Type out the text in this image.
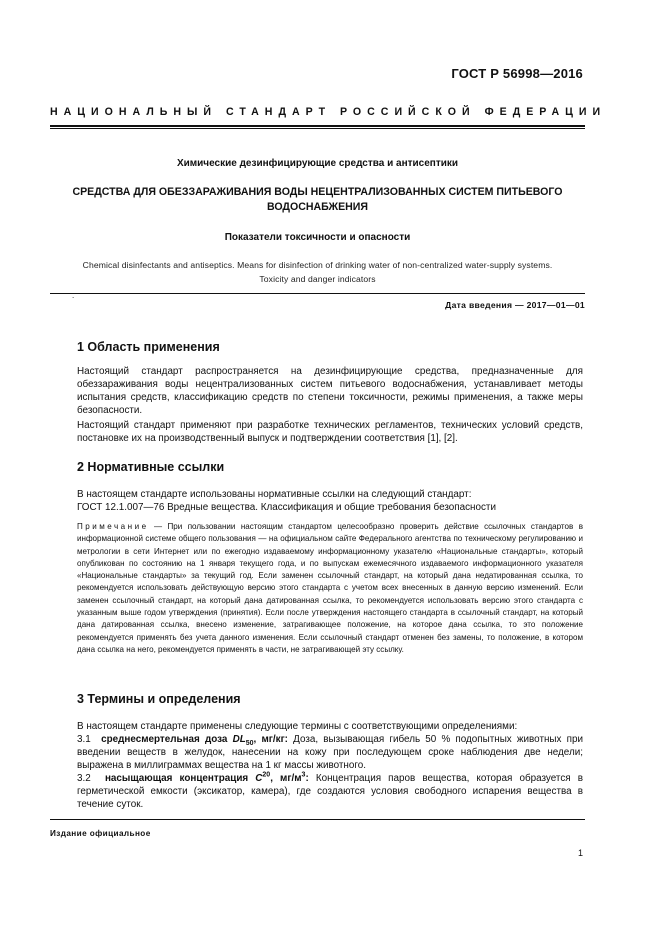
ГОСТ Р 56998—2016
НАЦИОНАЛЬНЫЙ СТАНДАРТ РОССИЙСКОЙ ФЕДЕРАЦИИ
Химические дезинфицирующие средства и антисептики
СРЕДСТВА ДЛЯ ОБЕЗЗАРАЖИВАНИЯ ВОДЫ НЕЦЕНТРАЛИЗОВАННЫХ СИСТЕМ ПИТЬЕВОГО ВОДОСНАБЖЕНИЯ
Показатели токсичности и опасности
Chemical disinfectants and antiseptics. Means for disinfection of drinking water of non-centralized water-supply systems.
Toxicity and danger indicators
.
Дата введения — 2017—01—01
1 Область применения

Настоящий стандарт распространяется на дезинфицирующие средства, предназначенные для обеззараживания воды нецентрализованных систем питьевого водоснабжения, устанавливает методы испытания средств, классификацию средств по степени токсичности, режимы применения, а также меры безопасности.

Настоящий стандарт применяют при разработке технических регламентов, технических условий средств, постановке их на производственный выпуск и подтверждении соответствия [1], [2].

2 Нормативные ссылки

В настоящем стандарте использованы нормативные ссылки на следующий стандарт:

ГОСТ 12.1.007—76 Вредные вещества. Классификация и общие требования безопасности

Примечание — При пользовании настоящим стандартом целесообразно проверить действие ссылочных стандартов в информационной системе общего пользования — на официальном сайте Федерального агентства по техническому регулированию и метрологии в сети Интернет или по ежегодно издаваемому информационному указателю «Национальные стандарты», который опубликован по состоянию на 1 января текущего года, и по выпускам ежемесячного издаваемого информационного указателя «Национальные стандарты» за текущий год. Если заменен ссылочный стандарт, на который дана недатированная ссылка, то рекомендуется использовать действующую версию этого стандарта с учетом всех внесенных в данную версию изменений. Если заменен ссылочный стандарт, на который дана датированная ссылка, то рекомендуется использовать версию этого стандарта с указанным выше годом утверждения (принятия). Если после утверждения настоящего стандарта в ссылочный стандарт, на который дана датированная ссылка, внесено изменение, затрагивающее положение, на которое дана ссылка, то это положение рекомендуется применять без учета данного изменения. Если ссылочный стандарт отменен без замены, то положение, в котором дана ссылка на него, рекомендуется применять в части, не затрагивающей эту ссылку.
3 Термины и определения

В настоящем стандарте применены следующие термины с соответствующими определениями:

3.1 среднесмертельная доза $DL_{50}$, мг/кг: Доза, вызывающая гибель 50 % подопытных животных при введении веществ в желудок, нанесении на кожу при последующем сроке наблюдения две недели; выражена в миллиграммах вещества на 1 кг массы животного.

3.2 насыщающая концентрация $C^{20}$, $мг/м^3$: Концентрация паров вещества, которая образуется в герметической емкости (эксикатор, камера), где создаются условия свободного испарения вещества в течение суток.

Издание официальное
1
